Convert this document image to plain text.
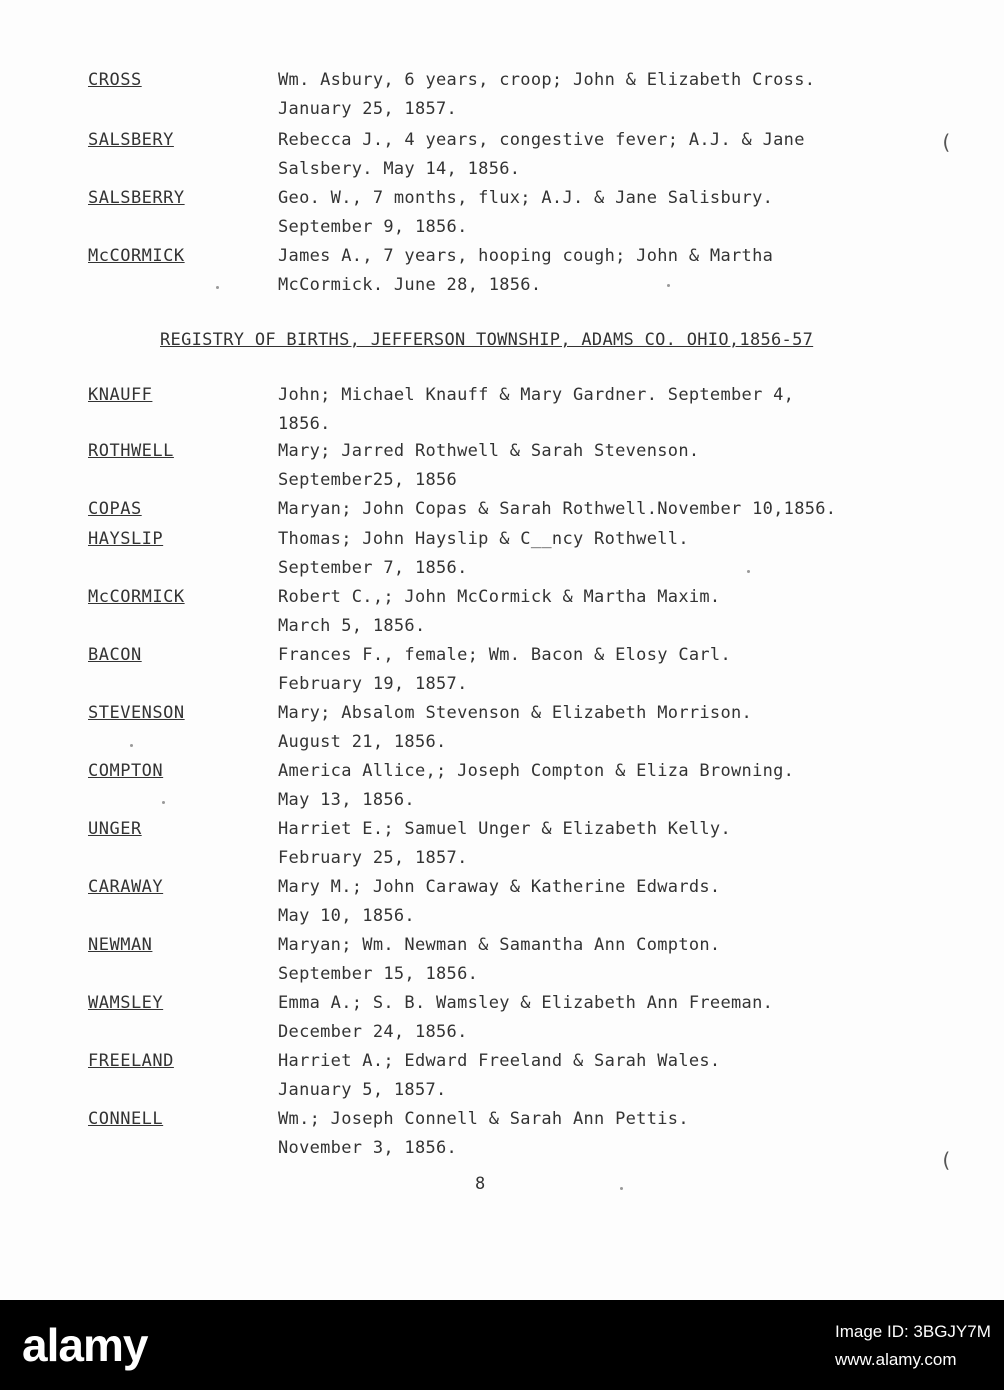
CROSS	Wm. Asbury, 6 years, croop; John & Elizabeth Cross.
January 25, 1857.
SALSBERY	Rebecca J., 4 years, congestive fever; A.J. & Jane
Salsbery. May 14, 1856.
SALSBERRY	Geo. W., 7 months, flux; A.J. & Jane Salisbury.
September 9, 1856.
McCORMICK	James A., 7 years, hooping cough; John & Martha
McCormick. June 28, 1856.
REGISTRY OF BIRTHS, JEFFERSON TOWNSHIP, ADAMS CO. OHIO,1856-57
KNAUFF	John; Michael Knauff & Mary Gardner. September 4,
1856.
ROTHWELL	Mary; Jarred Rothwell & Sarah Stevenson.
September25, 1856
COPAS	Maryan; John Copas & Sarah Rothwell.November 10,1856.
HAYSLIP	Thomas; John Hayslip & C__ncy Rothwell.
September 7, 1856.
McCORMICK	Robert C.,; John McCormick & Martha Maxim.
March 5, 1856.
BACON	Frances F., female; Wm. Bacon & Elosy Carl.
February 19, 1857.
STEVENSON	Mary; Absalom Stevenson & Elizabeth Morrison.
August 21, 1856.
COMPTON	America Allice,; Joseph Compton & Eliza Browning.
May 13, 1856.
UNGER	Harriet E.; Samuel Unger & Elizabeth Kelly.
February 25, 1857.
CARAWAY	Mary M.; John Caraway & Katherine Edwards.
May 10, 1856.
NEWMAN	Maryan; Wm. Newman & Samantha Ann Compton.
September 15, 1856.
WAMSLEY	Emma A.; S. B. Wamsley & Elizabeth Ann Freeman.
December 24, 1856.
FREELAND	Harriet A.; Edward Freeland & Sarah Wales.
January 5, 1857.
CONNELL	Wm.; Joseph Connell & Sarah Ann Pettis.
November 3, 1856.
8
(
(
alamy	Image ID: 3BGJY7M
www.alamy.com
